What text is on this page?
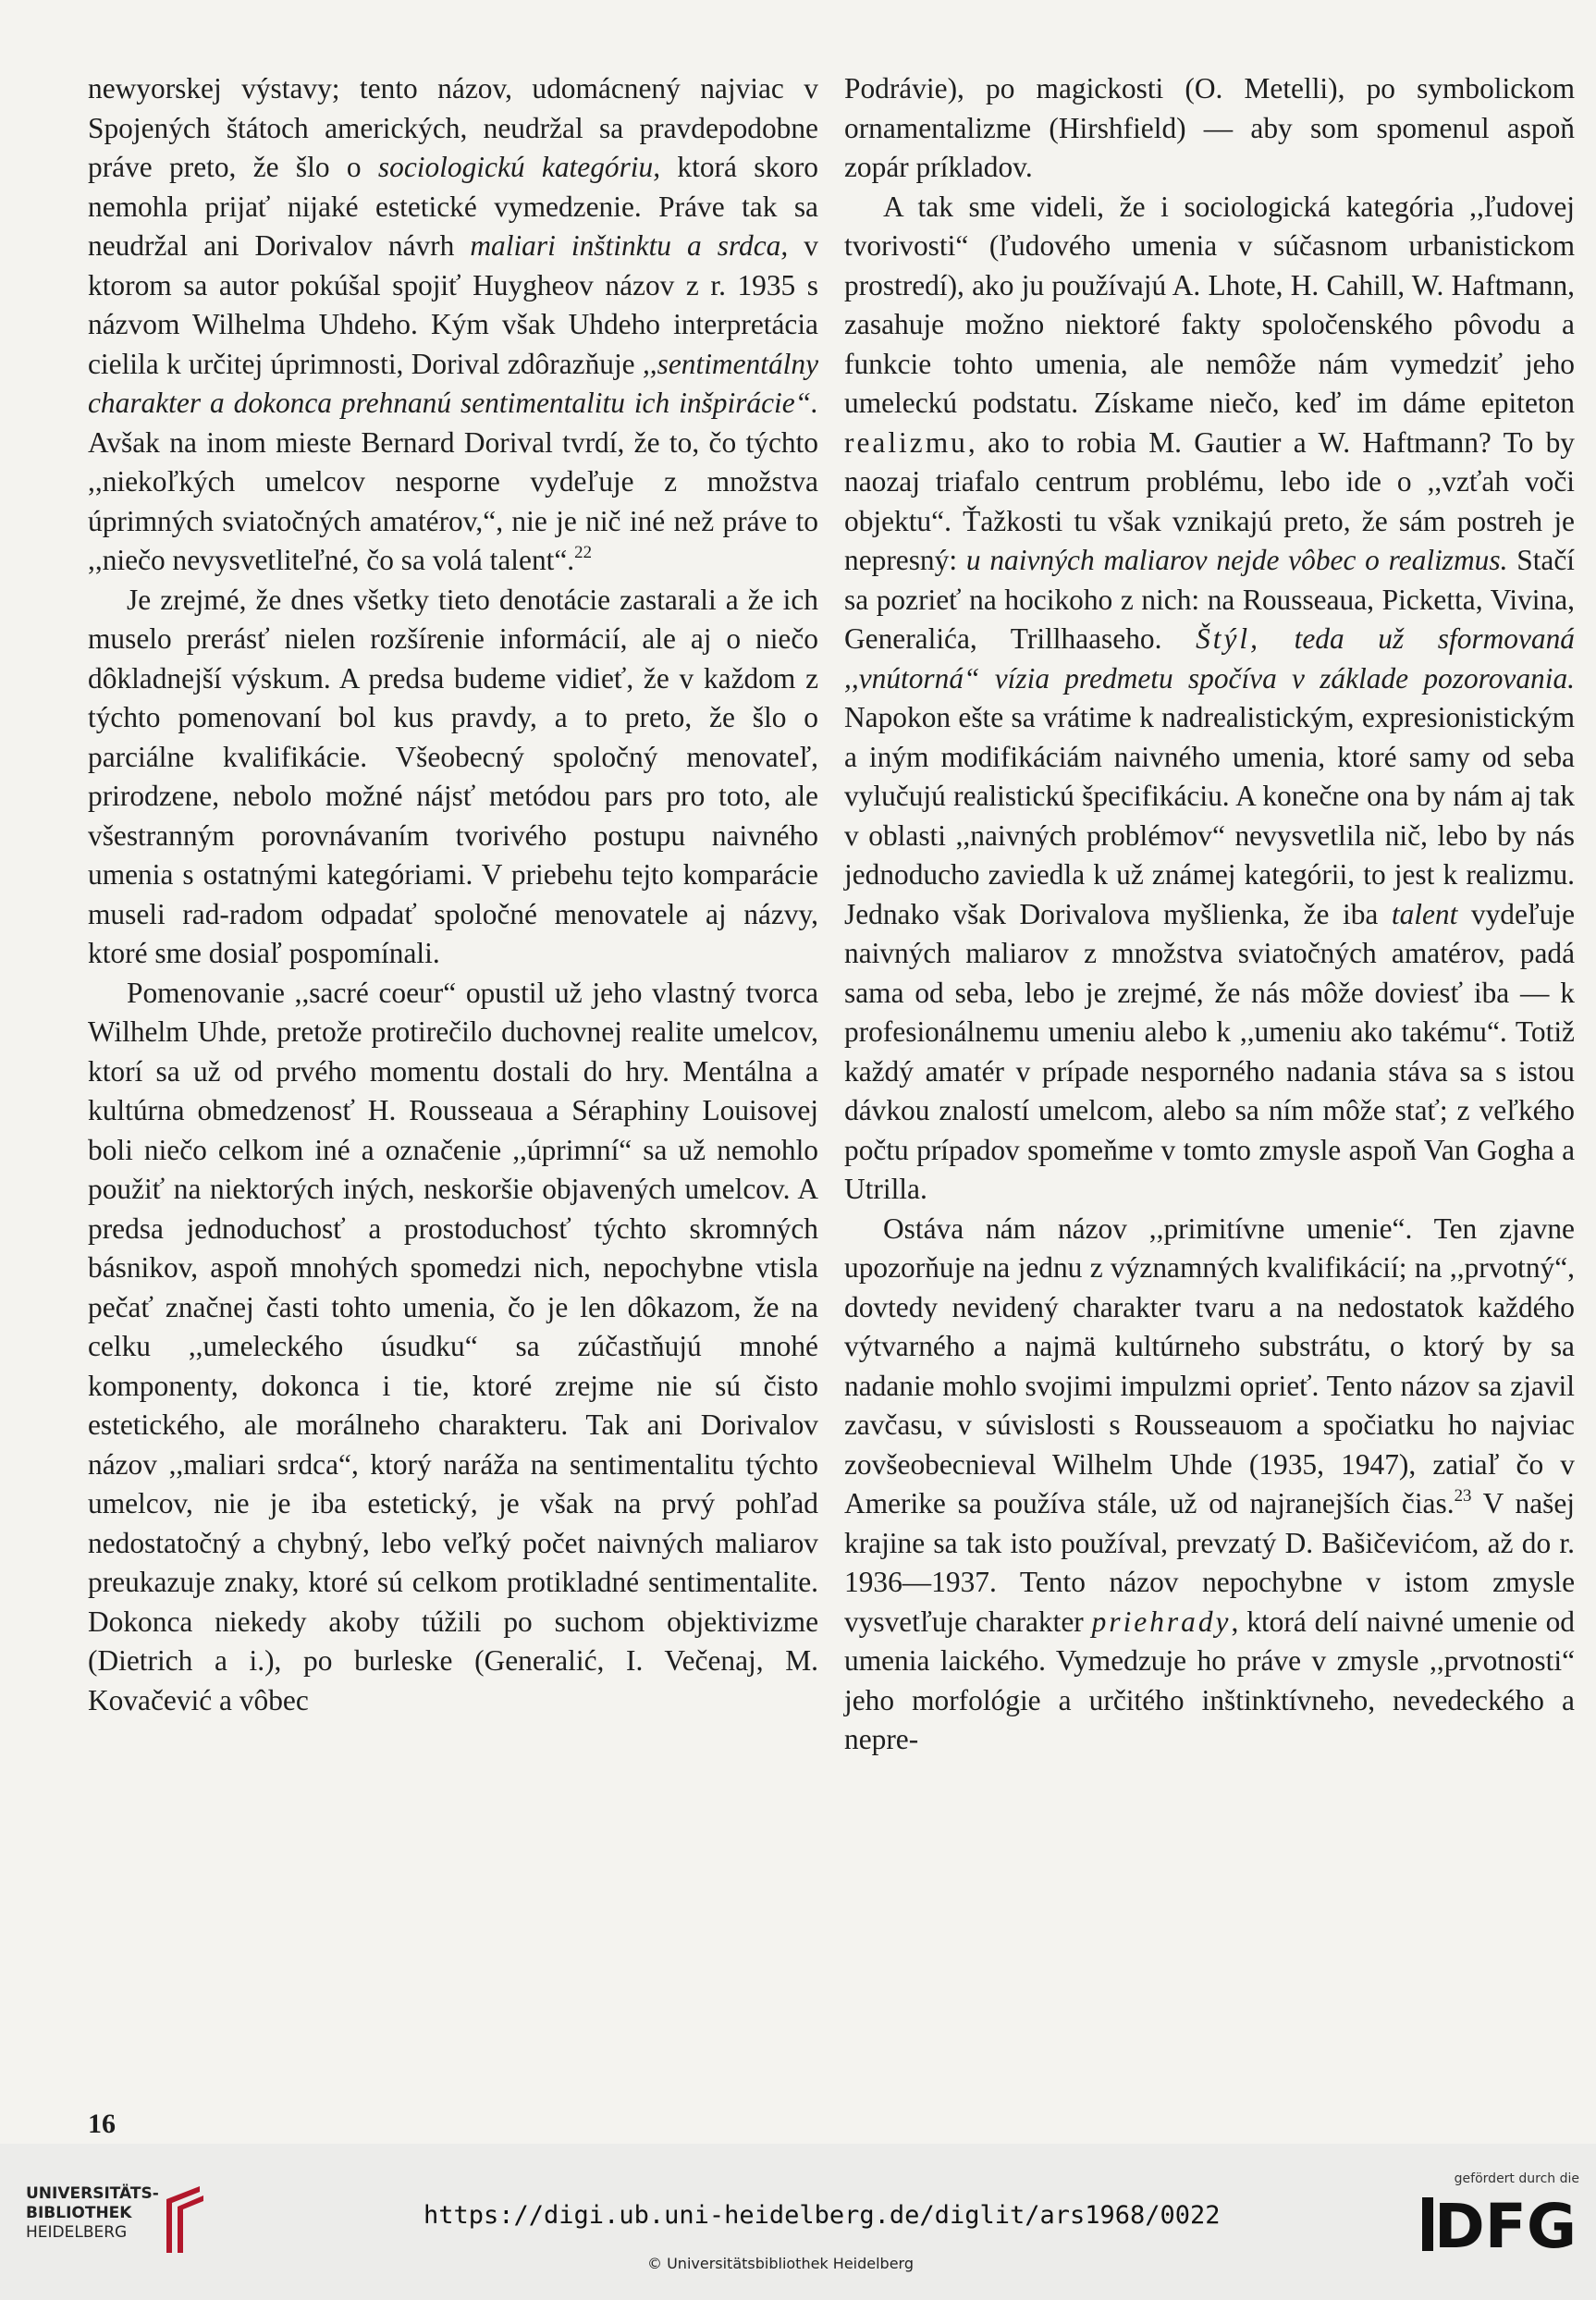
newyorskej výstavy; tento názov, udomácnený najviac v Spojených štátoch amerických, neudržal sa pravdepodobne práve preto, že šlo o sociologickú kategóriu, ktorá skoro nemohla prijať nijaké estetické vymedzenie. Práve tak sa neudržal ani Dorivalov návrh maliari inštinktu a srdca, v ktorom sa autor pokúšal spojiť Huygheov názov z r. 1935 s názvom Wilhelma Uhdeho. Kým však Uhdeho interpretácia cielila k určitej úprimnosti, Dorival zdôrazňuje ,,sentimentálny charakter a dokonca prehnanú sentimentalitu ich inšpirácie“. Avšak na inom mieste Bernard Dorival tvrdí, že to, čo týchto ,,niekoľkých umelcov nesporne vydeľuje z množstva úprimných sviatočných amatérov,“, nie je nič iné než práve to ,,niečo nevysvetliteľné, čo sa volá talent“.$^{22}$

Je zrejmé, že dnes všetky tieto denotácie zastarali a že ich muselo prerásť nielen rozšírenie informácií, ale aj o niečo dôkladnejší výskum. A predsa budeme vidieť, že v každom z týchto pomenovaní bol kus pravdy, a to preto, že šlo o parciálne kvalifikácie. Všeobecný spoločný menovateľ, prirodzene, nebolo možné nájsť metódou pars pro toto, ale všestranným porovnávaním tvorivého postupu naivného umenia s ostatnými kategóriami. V priebehu tejto komparácie museli rad-radom odpadať spoločné menovatele aj názvy, ktoré sme dosiaľ pospomínali.

Pomenovanie ,,sacré coeur“ opustil už jeho vlastný tvorca Wilhelm Uhde, pretože protirečilo duchovnej realite umelcov, ktorí sa už od prvého momentu dostali do hry. Mentálna a kultúrna obmedzenosť H. Rousseaua a Séraphiny Louisovej boli niečo celkom iné a označenie ,,úprimní“ sa už nemohlo použiť na niektorých iných, neskoršie objavených umelcov. A predsa jednoduchosť a prostoduchosť týchto skromných básnikov, aspoň mnohých spomedzi nich, nepochybne vtisla pečať značnej časti tohto umenia, čo je len dôkazom, že na celku ,,umeleckého úsudku“ sa zúčastňujú mnohé komponenty, dokonca i tie, ktoré zrejme nie sú čisto estetického, ale morálneho charakteru. Tak ani Dorivalov názov ,,maliari srdca“, ktorý naráža na sentimentalitu týchto umelcov, nie je iba estetický, je však na prvý pohľad nedostatočný a chybný, lebo veľký počet naivných maliarov preukazuje znaky, ktoré sú celkom protikladné sentimentalite. Dokonca niekedy akoby túžili po suchom objektivizme (Dietrich a i.), po burleske (Generalić, I. Večenaj, M. Kovačević a vôbec

Podrávie), po magickosti (O. Metelli), po symbolickom ornamentalizme (Hirshfield) — aby som spomenul aspoň zopár príkladov.

A tak sme videli, že i sociologická kategória ,,ľudovej tvorivosti“ (ľudového umenia v súčasnom urbanistickom prostredí), ako ju používajú A. Lhote, H. Cahill, W. Haftmann, zasahuje možno niektoré fakty spoločenského pôvodu a funkcie tohto umenia, ale nemôže nám vymedziť jeho umeleckú podstatu. Získame niečo, keď im dáme epiteton realizmu, ako to robia M. Gautier a W. Haftmann? To by naozaj triafalo centrum problému, lebo ide o ,,vzťah voči objektu“. Ťažkosti tu však vznikajú preto, že sám postreh je nepresný: u naivných maliarov nejde vôbec o realizmus. Stačí sa pozrieť na hocikoho z nich: na Rousseaua, Picketta, Vivina, Generalića, Trillhaaseho. Štýl, teda už sformovaná ,,vnútorná“ vízia predmetu spočíva v základe pozorovania. Napokon ešte sa vrátime k nadrealistickým, expresionistickým a iným modifikáciám naivného umenia, ktoré samy od seba vylučujú realistickú špecifikáciu. A konečne ona by nám aj tak v oblasti ,,naivných problémov“ nevysvetlila nič, lebo by nás jednoducho zaviedla k už známej kategórii, to jest k realizmu. Jednako však Dorivalova myšlienka, že iba talent vydeľuje naivných maliarov z množstva sviatočných amatérov, padá sama od seba, lebo je zrejmé, že nás môže doviesť iba — k profesionálnemu umeniu alebo k ,,umeniu ako takému“. Totiž každý amatér v prípade nesporného nadania stáva sa s istou dávkou znalostí umelcom, alebo sa ním môže stať; z veľkého počtu prípadov spomeňme v tomto zmysle aspoň Van Gogha a Utrilla.

Ostáva nám názov ,,primitívne umenie“. Ten zjavne upozorňuje na jednu z významných kvalifikácií; na ,,prvotný“, dovtedy nevidený charakter tvaru a na nedostatok každého výtvarného a najmä kultúrneho substrátu, o ktorý by sa nadanie mohlo svojimi impulzmi oprieť. Tento názov sa zjavil zavčasu, v súvislosti s Rousseauom a spočiatku ho najviac zovšeobecnieval Wilhelm Uhde (1935, 1947), zatiaľ čo v Amerike sa používa stále, už od najranejších čias.$^{23}$ V našej krajine sa tak isto používal, prevzatý D. Bašičevićom, až do r. 1936—1937. Tento názov nepochybne v istom zmysle vysvetľuje charakter priehrady, ktorá delí naivné umenie od umenia laického. Vymedzuje ho práve v zmysle ,,prvotnosti“ jeho morfológie a určitého inštinktívneho, nevedeckého a nepre-

16
UNIVERSITÄTS-
BIBLIOTHEK
HEIDELBERG
https://digi.ub.uni-heidelberg.de/diglit/ars1968/0022
© Universitätsbibliothek Heidelberg
gefördert durch die
DFG
